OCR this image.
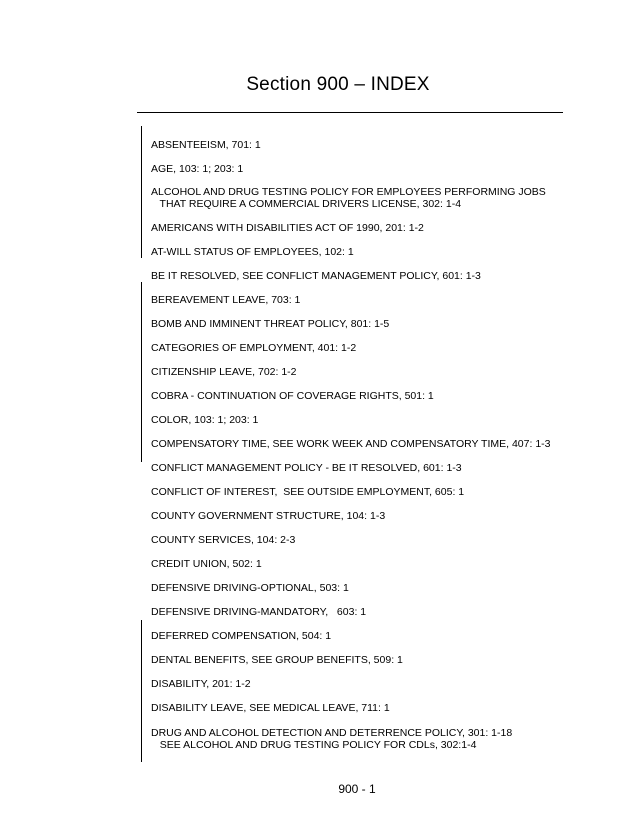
Section 900 – INDEX
ABSENTEEISM, 701: 1
AGE, 103: 1; 203: 1
ALCOHOL AND DRUG TESTING POLICY FOR EMPLOYEES PERFORMING JOBS
THAT REQUIRE A COMMERCIAL DRIVERS LICENSE, 302: 1-4
AMERICANS WITH DISABILITIES ACT OF 1990, 201: 1-2
AT-WILL STATUS OF EMPLOYEES, 102: 1
BE IT RESOLVED, SEE CONFLICT MANAGEMENT POLICY, 601: 1-3
BEREAVEMENT LEAVE, 703: 1
BOMB AND IMMINENT THREAT POLICY, 801: 1-5
CATEGORIES OF EMPLOYMENT, 401: 1-2
CITIZENSHIP LEAVE, 702: 1-2
COBRA - CONTINUATION OF COVERAGE RIGHTS, 501: 1
COLOR, 103: 1; 203: 1
COMPENSATORY TIME, SEE WORK WEEK AND COMPENSATORY TIME, 407: 1-3
CONFLICT MANAGEMENT POLICY - BE IT RESOLVED, 601: 1-3
CONFLICT OF INTEREST,  SEE OUTSIDE EMPLOYMENT, 605: 1
COUNTY GOVERNMENT STRUCTURE, 104: 1-3
COUNTY SERVICES, 104: 2-3
CREDIT UNION, 502: 1
DEFENSIVE DRIVING-OPTIONAL, 503: 1
DEFENSIVE DRIVING-MANDATORY,   603: 1
DEFERRED COMPENSATION, 504: 1
DENTAL BENEFITS, SEE GROUP BENEFITS, 509: 1
DISABILITY, 201: 1-2
DISABILITY LEAVE, SEE MEDICAL LEAVE, 711: 1
DRUG AND ALCOHOL DETECTION AND DETERRENCE POLICY, 301: 1-18
SEE ALCOHOL AND DRUG TESTING POLICY FOR CDLs, 302:1-4
900 - 1
